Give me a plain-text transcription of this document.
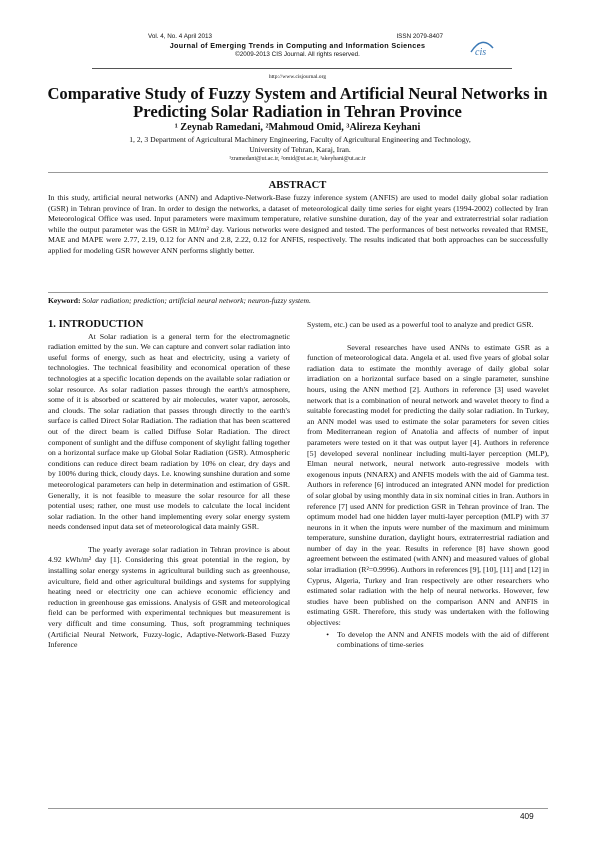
Vol. 4, No. 4 April 2013	ISSN 2079-8407
Journal of Emerging Trends in Computing and Information Sciences
©2009-2013 CIS Journal. All rights reserved.	cis
http://www.cisjournal.org
Comparative Study of Fuzzy System and Artificial Neural Networks in Predicting Solar Radiation in Tehran Province
¹ Zeynab Ramedani, ²Mahmoud Omid, ³Alireza Keyhani
1, 2, 3 Department of Agricultural Machinery Engineering, Faculty of Agricultural Engineering and Technology,
University of Tehran, Karaj, Iran.
¹zramedani@ut.ac.ir, ²omid@ut.ac.ir, ³akeyhani@ut.ac.ir
ABSTRACT
In this study, artificial neural networks (ANN) and Adaptive-Network-Base fuzzy inference system (ANFIS) are used to model daily global solar radiation (GSR) in Tehran province of Iran. In order to design the networks, a dataset of meteorological daily time series for eight years (1994-2002) collected by Iran Meteorological Office was used. Input parameters were maximum temperature, relative sunshine duration, day of the year and extraterrestrial solar radiation while the output parameter was the GSR in MJ/m² day. Various networks were designed and tested. The performances of best networks revealed that RMSE, MAE and MAPE were 2.77, 2.19, 0.12 for ANN and 2.8, 2.22, 0.12 for ANFIS, respectively. The results indicated that both approaches can be successfully applied for modeling GSR however ANN performs slightly better.
Keyword: Solar radiation; prediction; artificial neural network; neuron-fuzzy system.
1. INTRODUCTION

At Solar radiation is a general term for the electromagnetic radiation emitted by the sun. We can capture and convert solar radiation into useful forms of energy, such as heat and electricity, using a variety of technologies. The technical feasibility and economical operation of these technologies at a specific location depends on the available solar radiation or solar resource. As solar radiation passes through the earth's atmosphere, some of it is absorbed or scattered by air molecules, water vapor, aerosols, and clouds. The solar radiation that passes through directly to the earth's surface is called Direct Solar Radiation. The radiation that has been scattered out of the direct beam is called Diffuse Solar Radiation. The direct component of sunlight and the diffuse component of skylight falling together on a horizontal surface make up Global Solar Radiation (GSR). Atmospheric conditions can reduce direct beam radiation by 10% on clear, dry days and by 100% during thick, cloudy days. I.e. knowing sunshine duration and some meteorological parameters can help in determination and estimation of GSR. Generally, it is not feasible to measure the solar resource for all these potential uses; rather, one must use models to calculate the local incident solar radiation. In the other hand implementing every solar energy system needs condensed input data set of meteorological data mainly GSR.

The yearly average solar radiation in Tehran province is about 4.92 kWh/m² day [1]. Considering this great potential in the region, by installing solar energy systems in agricultural building such as greenhouse, aviculture, field and other agricultural buildings and systems for supplying heating need or electricity one can achieve economic efficiency and reduction in greenhouse gas emissions. Analysis of GSR and meteorological field can be performed with experimental techniques but measurement is very difficult and time consuming. Thus, soft programming techniques (Artificial Neural Network, Fuzzy-logic, Adaptive-Network-Based Fuzzy Inference

System, etc.) can be used as a powerful tool to analyze and predict GSR.

Several researches have used ANNs to estimate GSR as a function of meteorological data. Angela et al. used five years of global solar radiation data to estimate the monthly average of daily global solar irradiation on a horizontal surface based on a single parameter, sunshine hours, using the ANN method [2]. Authors in reference [3] used wavelet network that is a combination of neural network and wavelet theory to find a suitable forecasting model for predicting the daily solar radiation. In Turkey, an ANN model was used to estimate the solar parameters for seven cities from Mediterranean region of Anatolia and affects of number of input parameters were tested on it that was output layer [4]. Authors in reference [5] developed several nonlinear including multi-layer perception (MLP), Elman neural network, neural network auto-regressive models with exogenous inputs (NNARX) and ANFIS models with the aid of Gamma test. Authors in reference [6] introduced an integrated ANN model for prediction of solar global by using monthly data in six nominal cities in Iran. Authors in reference [7] used ANN for prediction GSR in Tehran province of Iran. The optimum model had one hidden layer multi-layer perception (MLP) with 37 neurons in it when the inputs were number of the maximum and minimum temperature, sunshine duration, daylight hours, extraterrestrial radiation and number of day in the year. Results in reference [8] have shown good agreement between the estimated (with ANN) and measured values of global solar irradiation (R²=0.9996). Authors in references [9], [10], [11] and [12] in Cyprus, Algeria, Turkey and Iran respectively are other researchers who estimated solar radiation with the help of neural networks. However, few studies have been published on the comparison ANN and ANFIS in estimating GSR. Therefore, this study was undertaken with the following objectives:

•	To develop the ANN and ANFIS models with the aid of different combinations of time-series
409
